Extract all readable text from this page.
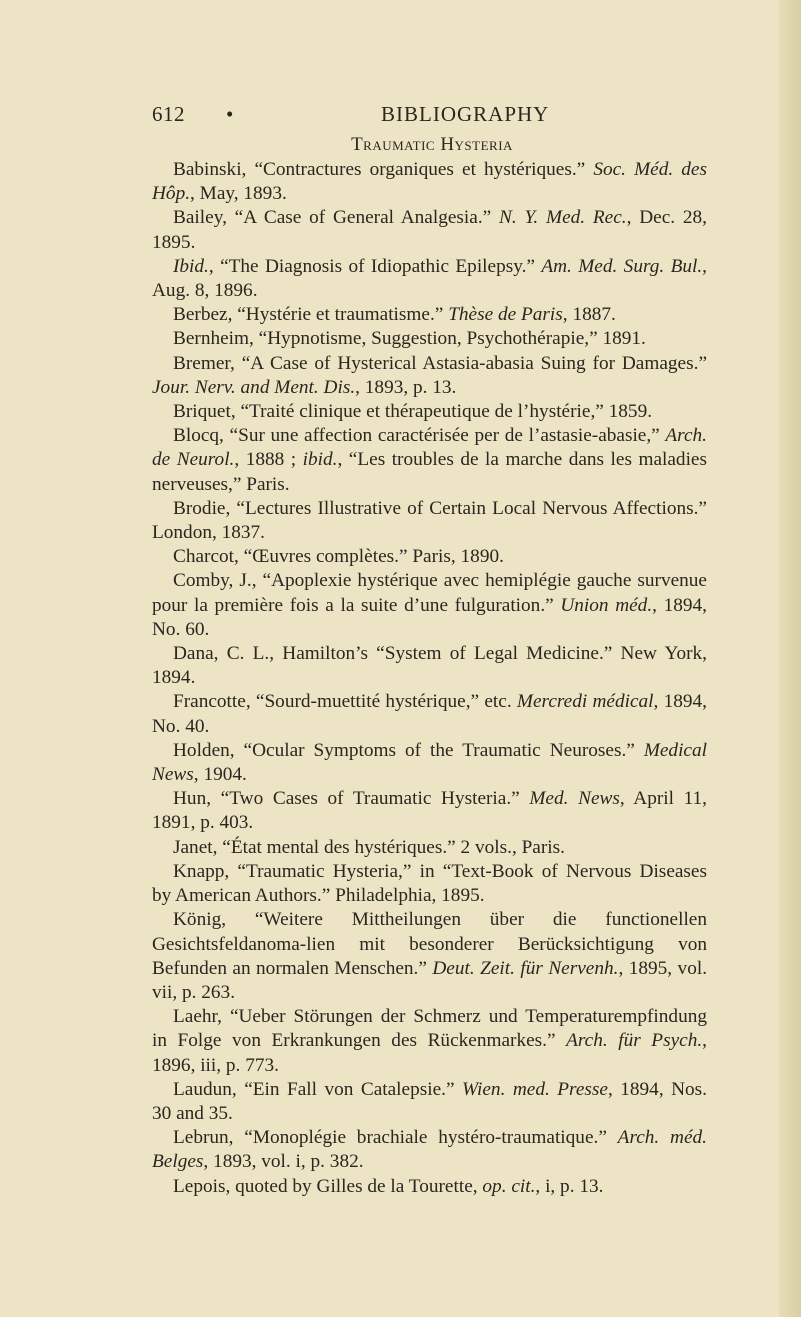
612 •	BIBLIOGRAPHY
Traumatic Hysteria

Babinski, “Contractures organiques et hystériques.” Soc. Méd. des Hôp., May, 1893.

Bailey, “A Case of General Analgesia.” N. Y. Med. Rec., Dec. 28, 1895.

Ibid., “The Diagnosis of Idiopathic Epilepsy.” Am. Med. Surg. Bul., Aug. 8, 1896.

Berbez, “Hystérie et traumatisme.” Thèse de Paris, 1887.

Bernheim, “Hypnotisme, Suggestion, Psychothérapie,” 1891.

Bremer, “A Case of Hysterical Astasia-abasia Suing for Damages.” Jour. Nerv. and Ment. Dis., 1893, p. 13.

Briquet, “Traité clinique et thérapeutique de l’hystérie,” 1859.

Blocq, “Sur une affection caractérisée per de l’astasie-abasie,” Arch. de Neurol., 1888 ; ibid., “Les troubles de la marche dans les maladies nerveuses,” Paris.

Brodie, “Lectures Illustrative of Certain Local Nervous Affections.” London, 1837.

Charcot, “Œuvres complètes.” Paris, 1890.

Comby, J., “Apoplexie hystérique avec hemiplégie gauche survenue pour la première fois a la suite d’une fulguration.” Union méd., 1894, No. 60.

Dana, C. L., Hamilton’s “System of Legal Medicine.” New York, 1894.

Francotte, “Sourd-muettité hystérique,” etc. Mercredi médical, 1894, No. 40.

Holden, “Ocular Symptoms of the Traumatic Neuroses.” Medical News, 1904.

Hun, “Two Cases of Traumatic Hysteria.” Med. News, April 11, 1891, p. 403.

Janet, “État mental des hystériques.” 2 vols., Paris.

Knapp, “Traumatic Hysteria,” in “Text-Book of Nervous Diseases by American Authors.” Philadelphia, 1895.

König, “Weitere Mittheilungen über die functionellen Gesichtsfeldanoma-lien mit besonderer Berücksichtigung von Befunden an normalen Menschen.” Deut. Zeit. für Nervenh., 1895, vol. vii, p. 263.

Laehr, “Ueber Störungen der Schmerz und Temperaturempfindung in Folge von Erkrankungen des Rückenmarkes.” Arch. für Psych., 1896, iii, p. 773.

Laudun, “Ein Fall von Catalepsie.” Wien. med. Presse, 1894, Nos. 30 and 35.

Lebrun, “Monoplégie brachiale hystéro-traumatique.” Arch. méd. Belges, 1893, vol. i, p. 382.

Lepois, quoted by Gilles de la Tourette, op. cit., i, p. 13.
